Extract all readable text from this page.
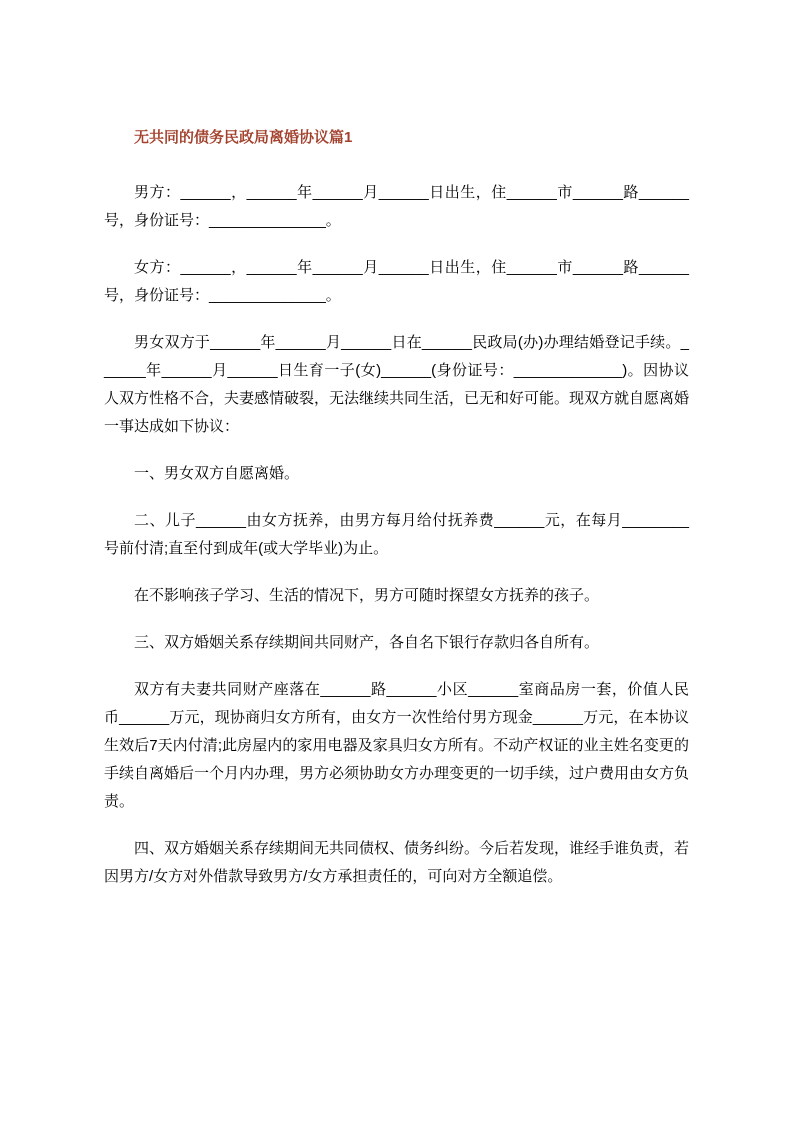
无共同的债务民政局离婚协议篇1

男方：______，______年______月______日出生，住______市______路______号，身份证号：______________。

女方：______，______年______月______日出生，住______市______路______号，身份证号：______________。

男女双方于______年______月______日在______民政局(办)办理结婚登记手续。______年______月______日生育一子(女)______(身份证号：_____________)。因协议人双方性格不合，夫妻感情破裂，无法继续共同生活，已无和好可能。现双方就自愿离婚一事达成如下协议：

一、男女双方自愿离婚。

二、儿子______由女方抚养，由男方每月给付抚养费______元，在每月________号前付清;直至付到成年(或大学毕业)为止。

在不影响孩子学习、生活的情况下，男方可随时探望女方抚养的孩子。

三、双方婚姻关系存续期间共同财产，各自名下银行存款归各自所有。

双方有夫妻共同财产座落在______路______小区______室商品房一套，价值人民币______万元，现协商归女方所有，由女方一次性给付男方现金______万元，在本协议生效后7天内付清;此房屋内的家用电器及家具归女方所有。不动产权证的业主姓名变更的手续自离婚后一个月内办理，男方必须协助女方办理变更的一切手续，过户费用由女方负责。

四、双方婚姻关系存续期间无共同债权、债务纠纷。今后若发现，谁经手谁负责，若因男方/女方对外借款导致男方/女方承担责任的，可向对方全额追偿。
